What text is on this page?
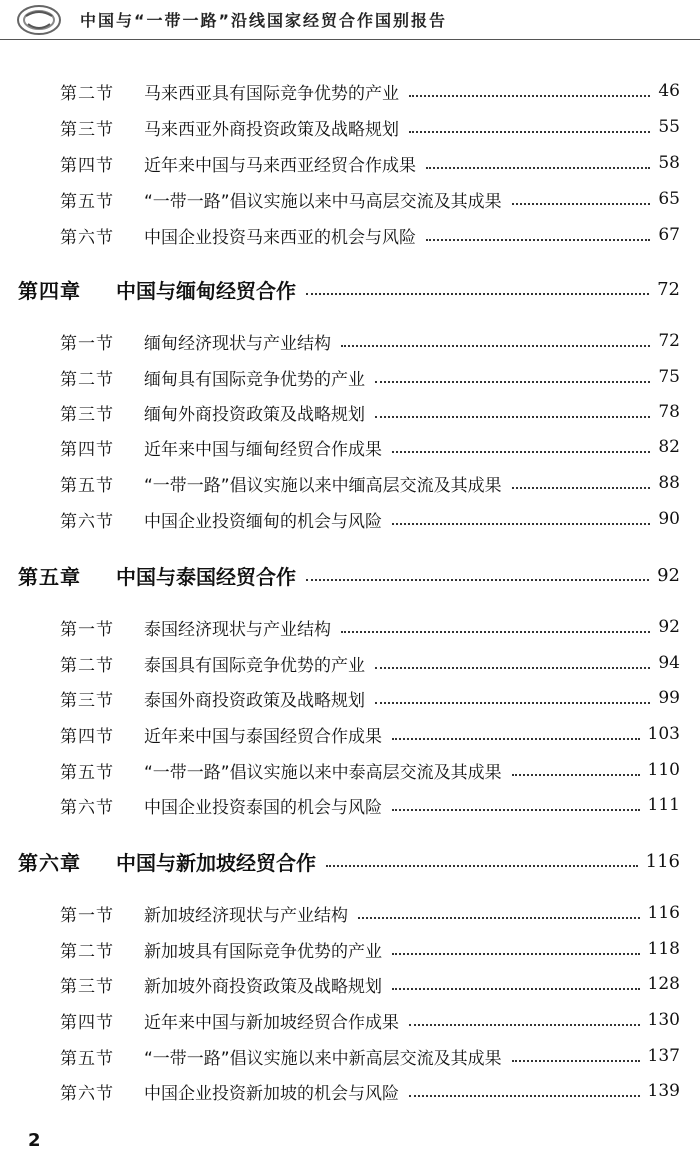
中国与“一带一路”沿线国家经贸合作国别报告
第二节 马来西亚具有国际竞争优势的产业	46
第三节 马来西亚外商投资政策及战略规划	55
第四节 近年来中国与马来西亚经贸合作成果	58
第五节 “一带一路”倡议实施以来中马高层交流及其成果	65
第六节 中国企业投资马来西亚的机会与风险	67
第四章 中国与缅甸经贸合作	72
第一节 缅甸经济现状与产业结构	72
第二节 缅甸具有国际竞争优势的产业	75
第三节 缅甸外商投资政策及战略规划	78
第四节 近年来中国与缅甸经贸合作成果	82
第五节 “一带一路”倡议实施以来中缅高层交流及其成果	88
第六节 中国企业投资缅甸的机会与风险	90
第五章 中国与泰国经贸合作	92
第一节 泰国经济现状与产业结构	92
第二节 泰国具有国际竞争优势的产业	94
第三节 泰国外商投资政策及战略规划	99
第四节 近年来中国与泰国经贸合作成果	103
第五节 “一带一路”倡议实施以来中泰高层交流及其成果	110
第六节 中国企业投资泰国的机会与风险	111
第六章 中国与新加坡经贸合作	116
第一节 新加坡经济现状与产业结构	116
第二节 新加坡具有国际竞争优势的产业	118
第三节 新加坡外商投资政策及战略规划	128
第四节 近年来中国与新加坡经贸合作成果	130
第五节 “一带一路”倡议实施以来中新高层交流及其成果	137
第六节 中国企业投资新加坡的机会与风险	139
2
